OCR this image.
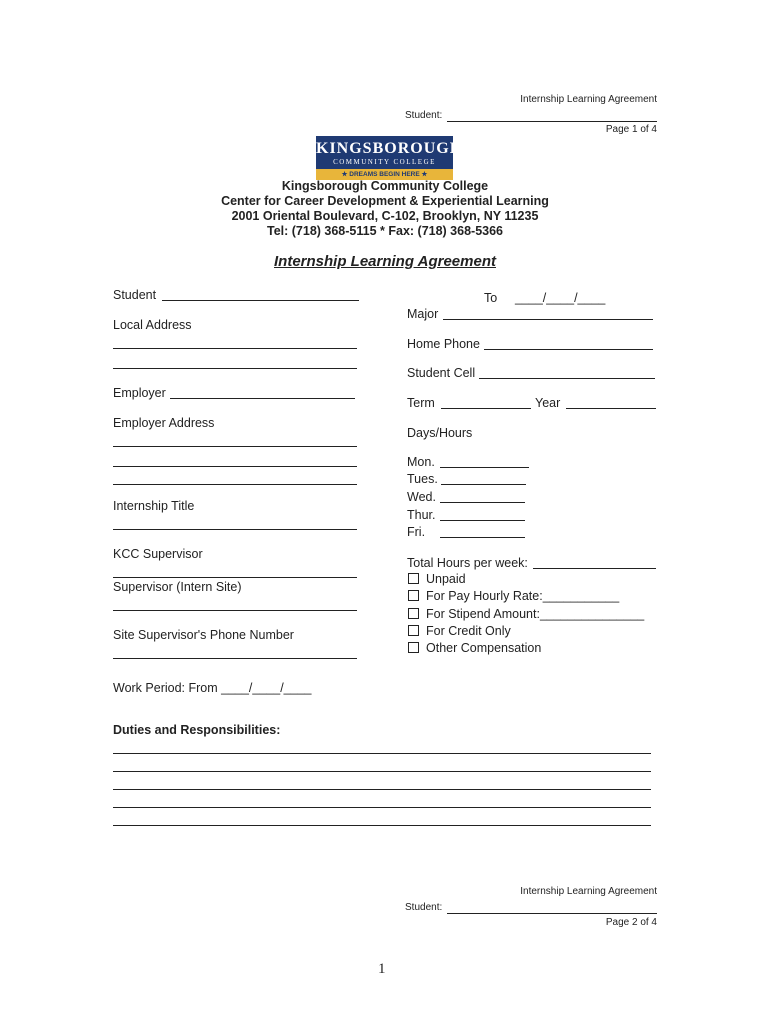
Internship Learning Agreement
Student:
Page 1 of 4
KINGSBOROUGH
COMMUNITY COLLEGE
★ DREAMS BEGIN HERE ★
Kingsborough Community College
Center for Career Development & Experiential Learning
2001 Oriental Boulevard, C-102, Brooklyn, NY 11235
Tel: (718) 368-5115 * Fax: (718) 368-5366
Internship Learning Agreement
Student
Local Address
Employer
Employer Address
Internship Title
KCC Supervisor
Supervisor (Intern Site)
Site Supervisor's Phone Number
Work Period: From ____/____/____
To ____/____/____
Major
Home Phone
Student Cell
Term	Year
Days/Hours
Mon.
Tues.
Wed.
Thur.
Fri.
Total Hours per week:
Unpaid
For Pay Hourly Rate:___________
For Stipend Amount:_______________
For Credit Only
Other Compensation
Duties and Responsibilities:
Internship Learning Agreement
Student:
Page 2 of 4
1
